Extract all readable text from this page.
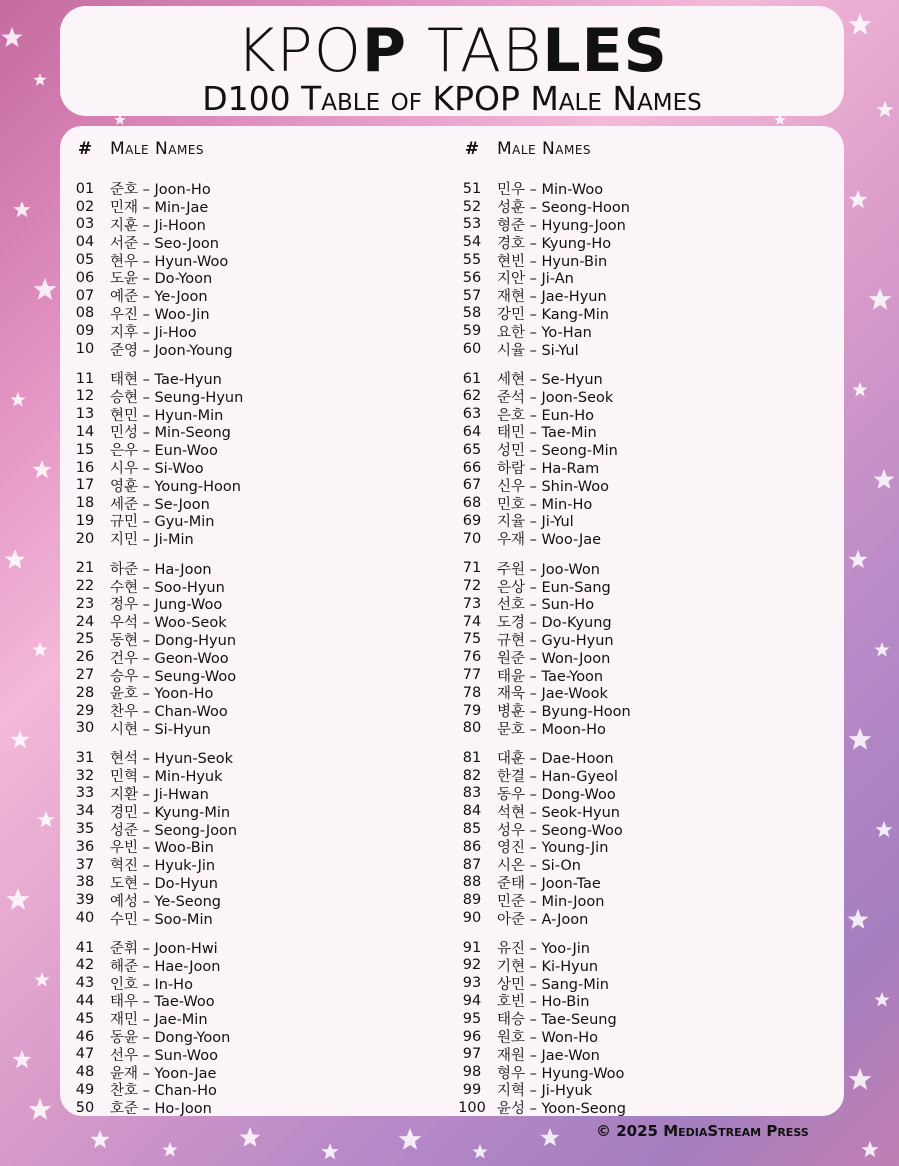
KPOP TABLES
D100 Table of KPOP Male Names
#	Male Names
01	준호 – Joon-Ho
02	민재 – Min-Jae
03	지훈 – Ji-Hoon
04	서준 – Seo-Joon
05	현우 – Hyun-Woo
06	도윤 – Do-Yoon
07	예준 – Ye-Joon
08	우진 – Woo-Jin
09	지후 – Ji-Hoo
10	준영 – Joon-Young
11	태현 – Tae-Hyun
12	승현 – Seung-Hyun
13	현민 – Hyun-Min
14	민성 – Min-Seong
15	은우 – Eun-Woo
16	시우 – Si-Woo
17	영훈 – Young-Hoon
18	세준 – Se-Joon
19	규민 – Gyu-Min
20	지민 – Ji-Min
21	하준 – Ha-Joon
22	수현 – Soo-Hyun
23	정우 – Jung-Woo
24	우석 – Woo-Seok
25	동현 – Dong-Hyun
26	건우 – Geon-Woo
27	승우 – Seung-Woo
28	윤호 – Yoon-Ho
29	찬우 – Chan-Woo
30	시현 – Si-Hyun
31	현석 – Hyun-Seok
32	민혁 – Min-Hyuk
33	지환 – Ji-Hwan
34	경민 – Kyung-Min
35	성준 – Seong-Joon
36	우빈 – Woo-Bin
37	혁진 – Hyuk-Jin
38	도현 – Do-Hyun
39	예성 – Ye-Seong
40	수민 – Soo-Min
41	준휘 – Joon-Hwi
42	해준 – Hae-Joon
43	인호 – In-Ho
44	태우 – Tae-Woo
45	재민 – Jae-Min
46	동윤 – Dong-Yoon
47	선우 – Sun-Woo
48	윤재 – Yoon-Jae
49	찬호 – Chan-Ho
50	호준 – Ho-Joon
#	Male Names
51	민우 – Min-Woo
52	성훈 – Seong-Hoon
53	형준 – Hyung-Joon
54	경호 – Kyung-Ho
55	현빈 – Hyun-Bin
56	지안 – Ji-An
57	재현 – Jae-Hyun
58	강민 – Kang-Min
59	요한 – Yo-Han
60	시율 – Si-Yul
61	세현 – Se-Hyun
62	준석 – Joon-Seok
63	은호 – Eun-Ho
64	태민 – Tae-Min
65	성민 – Seong-Min
66	하람 – Ha-Ram
67	신우 – Shin-Woo
68	민호 – Min-Ho
69	지율 – Ji-Yul
70	우재 – Woo-Jae
71	주원 – Joo-Won
72	은상 – Eun-Sang
73	선호 – Sun-Ho
74	도경 – Do-Kyung
75	규현 – Gyu-Hyun
76	원준 – Won-Joon
77	태윤 – Tae-Yoon
78	재욱 – Jae-Wook
79	병훈 – Byung-Hoon
80	문호 – Moon-Ho
81	대훈 – Dae-Hoon
82	한결 – Han-Gyeol
83	동우 – Dong-Woo
84	석현 – Seok-Hyun
85	성우 – Seong-Woo
86	영진 – Young-Jin
87	시온 – Si-On
88	준태 – Joon-Tae
89	민준 – Min-Joon
90	아준 – A-Joon
91	유진 – Yoo-Jin
92	기현 – Ki-Hyun
93	상민 – Sang-Min
94	호빈 – Ho-Bin
95	태승 – Tae-Seung
96	원호 – Won-Ho
97	재원 – Jae-Won
98	형우 – Hyung-Woo
99	지혁 – Ji-Hyuk
100 윤성 – Yoon-Seong
© 2025 MediaStream Press
